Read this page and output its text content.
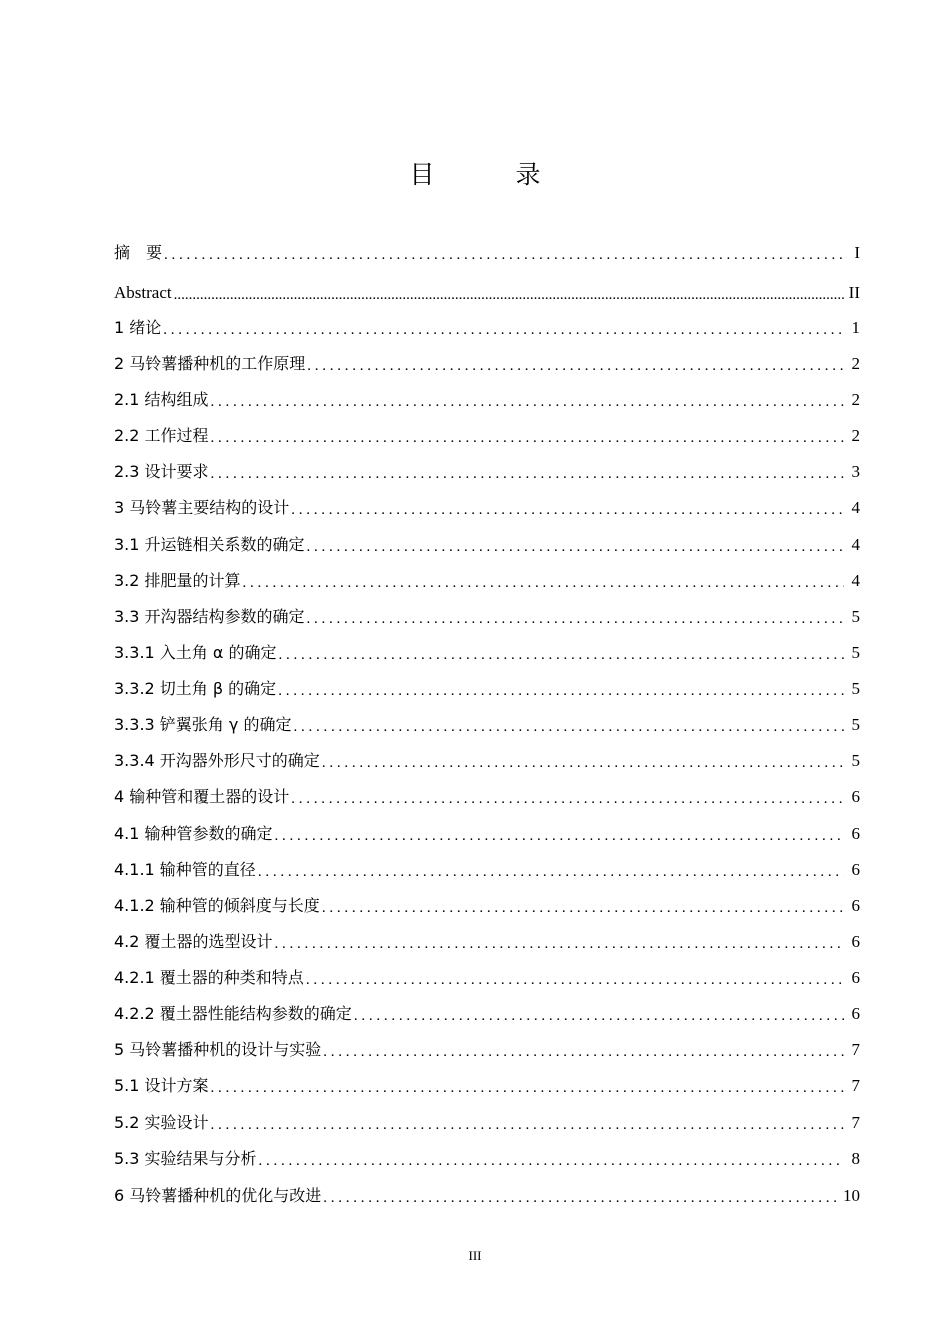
目　录
摘　要 . . .	I
Abstract .....	II
1 绪论 . . .	1
2 马铃薯播种机的工作原理 . . .	2
2.1 结构组成 . . .	2
2.2 工作过程 . . .	2
2.3 设计要求 . . .	3
3 马铃薯主要结构的设计 . . .	4
3.1 升运链相关系数的确定 . . .	4
3.2 排肥量的计算 . . .	4
3.3 开沟器结构参数的确定 . . .	5
3.3.1 入土角 α 的确定 . . .	5
3.3.2 切土角 β 的确定 . . .	5
3.3.3 铲翼张角 γ 的确定 . . .	5
3.3.4 开沟器外形尺寸的确定 . . .	5
4 输种管和覆土器的设计 . . .	6
4.1 输种管参数的确定 . . .	6
4.1.1 输种管的直径 . . .	6
4.1.2 输种管的倾斜度与长度 . . .	6
4.2 覆土器的选型设计 . . .	6
4.2.1 覆土器的种类和特点 . . .	6
4.2.2 覆土器性能结构参数的确定 . . .	6
5 马铃薯播种机的设计与实验 . . .	7
5.1 设计方案 . . .	7
5.2 实验设计 . . .	7
5.3 实验结果与分析 . . .	8
6 马铃薯播种机的优化与改进 . . .	10
III
